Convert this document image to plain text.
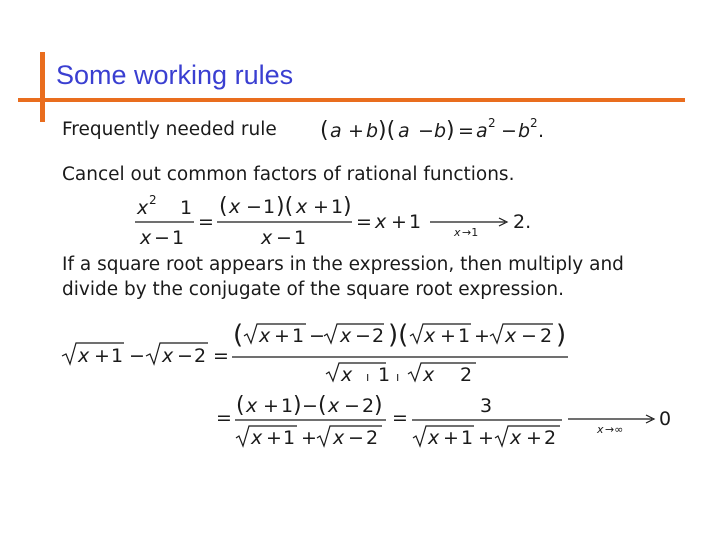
Some working rules
Frequently needed rule
Cancel out common factors of rational functions.
If a square root appears in the expression, then multiply and
divide by the conjugate of the square root expression.
( a + b )( a − b ) = a 2 − b 2 .
x 2 1
x − 1
=
( x − 1 )( x + 1 )
x − 1
= x + 1	x →1 2.
x + 1 − x − 2 =
( x + 1 − x − 2 )( x + 1 + x − 2 )
x ı 1 ı x 2
= ( x + 1 ) − ( x − 2 )
x + 1 + x − 2
=
3
x + 1 + x + 2	x →∞ 0
